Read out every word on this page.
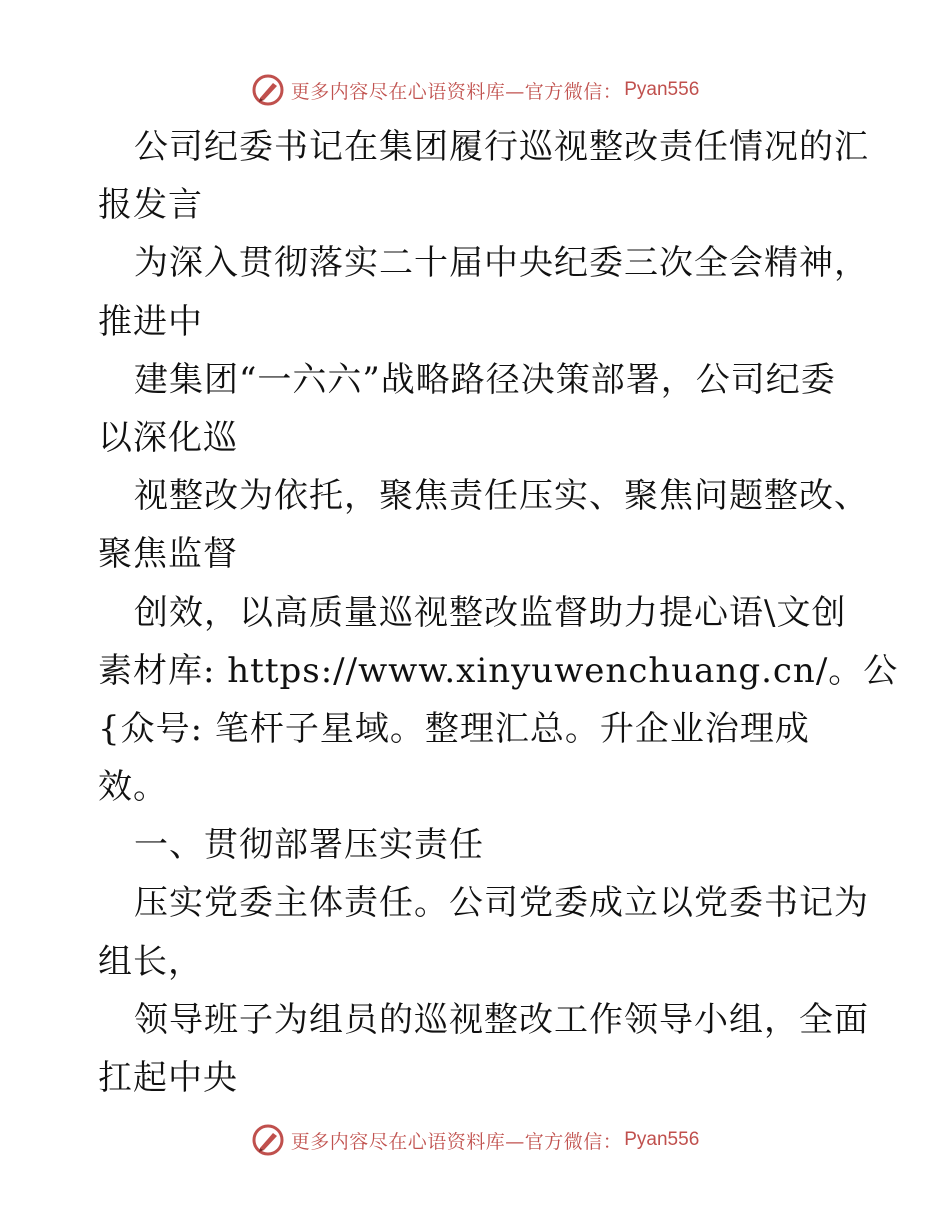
更多内容尽在心语资料库—官方微信： Pyan556
公司纪委书记在集团履行巡视整改责任情况的汇
报发言
为深入贯彻落实二十届中央纪委三次全会精神，
推进中
建集团“一六六”战略路径决策部署，公司纪委
以深化巡
视整改为依托，聚焦责任压实、聚焦问题整改、
聚焦监督
创效，以高质量巡视整改监督助力提心语\文创
素材库: https://www.xinyuwenchuang.cn/。公
{众号: 笔杆子星域。整理汇总。升企业治理成
效。
一、贯彻部署压实责任
压实党委主体责任。公司党委成立以党委书记为
组长，
领导班子为组员的巡视整改工作领导小组，全面
扛起中央
更多内容尽在心语资料库—官方微信： Pyan556
